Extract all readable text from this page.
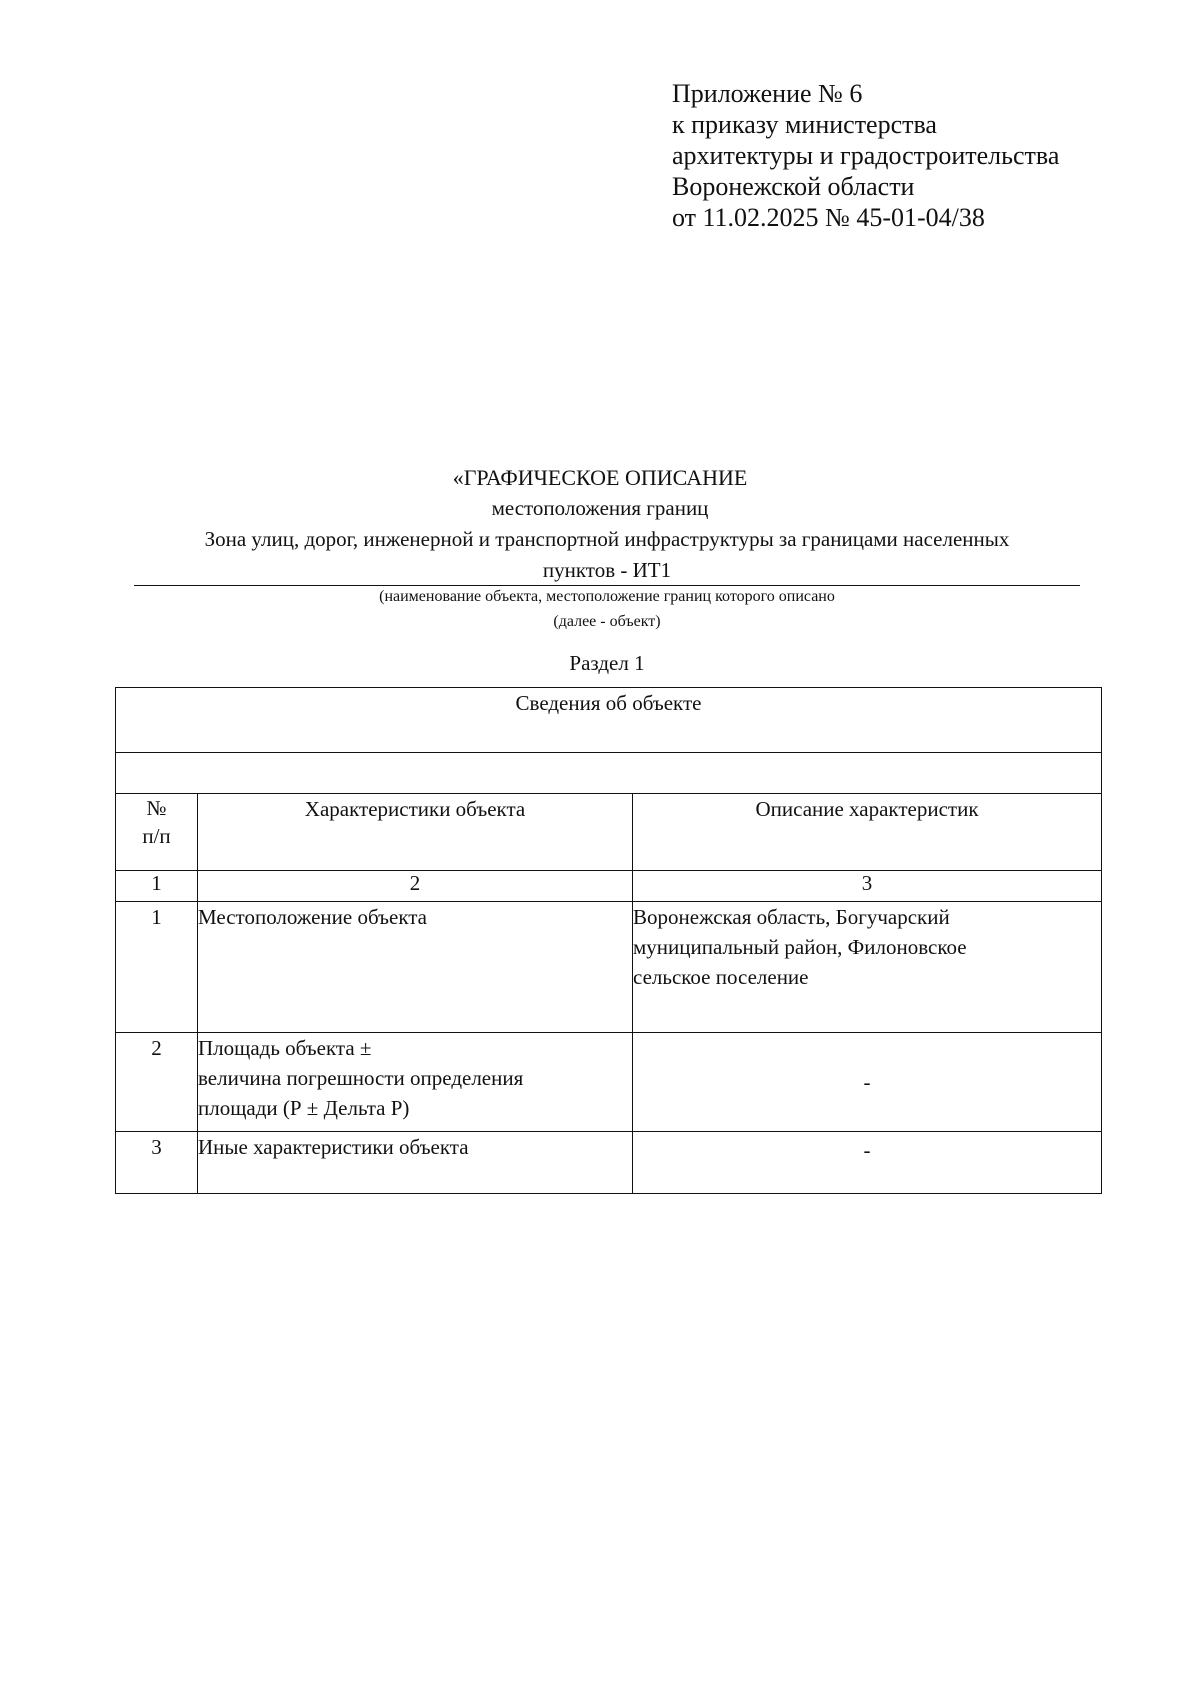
Приложение № 6
к приказу министерства
архитектуры и градостроительства
Воронежской области
от 11.02.2025 № 45-01-04/38
«ГРАФИЧЕСКОЕ ОПИСАНИЕ
местоположения границ
Зона улиц, дорог, инженерной и транспортной инфраструктуры за границами населенных
пунктов - ИТ1
(наименование объекта, местоположение границ которого описано
(далее - объект)
Раздел 1
Сведения об объекте		

№
п/п	Характеристики объекта	Описание характеристик
1	2	3
1	Местоположение объекта	Воронежская область, Богучарский
муниципальный район, Филоновское
сельское поселение

2	Площадь объекта ±
величина погрешности определения
площади (Р ± Дельта Р)	-
3	Иные характеристики объекта	-
